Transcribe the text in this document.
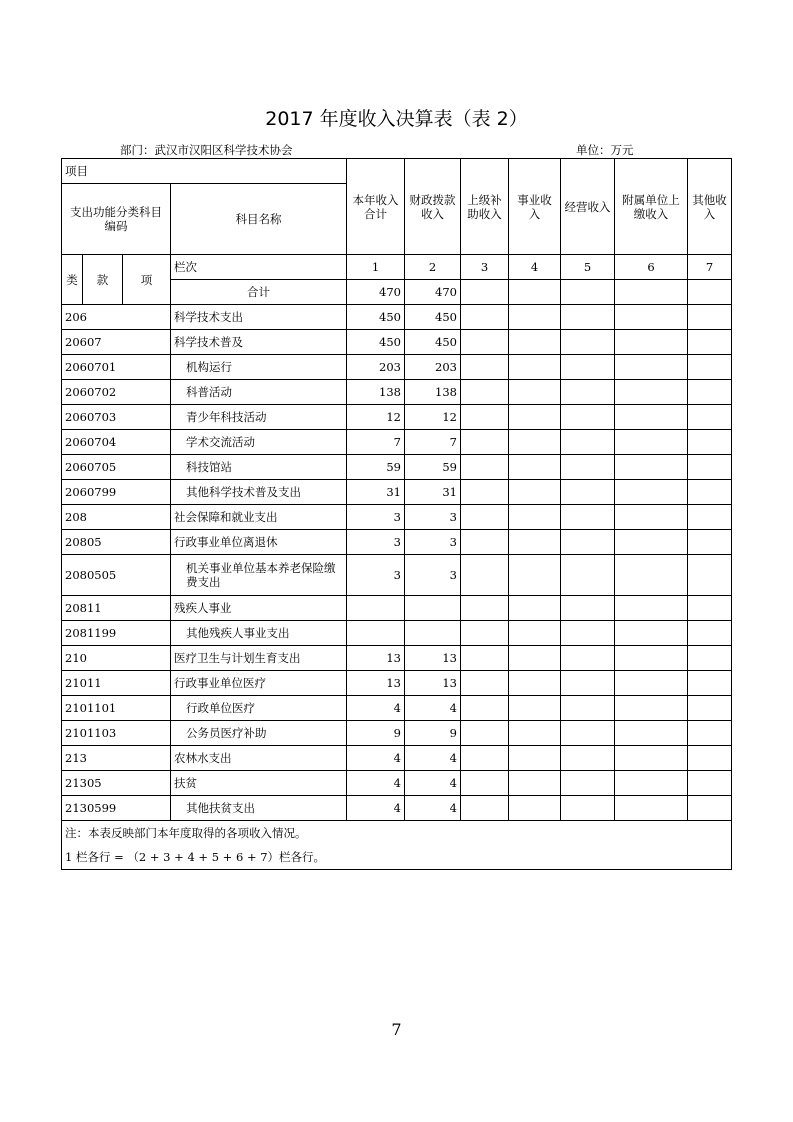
2017 年度收入决算表（表 2）
部门：武汉市汉阳区科学技术协会	单位：万元
项目				本年收入合计	财政拨款收入	上级补助收入	事业收入	经营收入	附属单位上缴收入	其他收入
支出功能分类科目编码			科目名称							

类	款	项	栏次	1	2	3	4	5	6	7
			合计	470	470					
206			科学技术支出	450	450					
20607			科学技术普及	450	450					
2060701			机构运行	203	203					
2060702			科普活动	138	138					
2060703			青少年科技活动	12	12					
2060704			学术交流活动	7	7					
2060705			科技馆站	59	59					
2060799			其他科学技术普及支出	31	31					
208			社会保障和就业支出	3	3					
20805			行政事业单位离退休	3	3					
2080505			机关事业单位基本养老保险缴费支出	3	3					
20811			残疾人事业							
2081199			其他残疾人事业支出							
210			医疗卫生与计划生育支出	13	13					
21011			行政事业单位医疗	13	13					
2101101			行政单位医疗	4	4					
2101103			公务员医疗补助	9	9					
213			农林水支出	4	4					
21305			扶贫	4	4					
2130599			其他扶贫支出	4	4					
注：本表反映部门本年度取得的各项收入情况。										
1 栏各行 = （2 + 3 + 4 + 5 + 6 + 7）栏各行。										
7
